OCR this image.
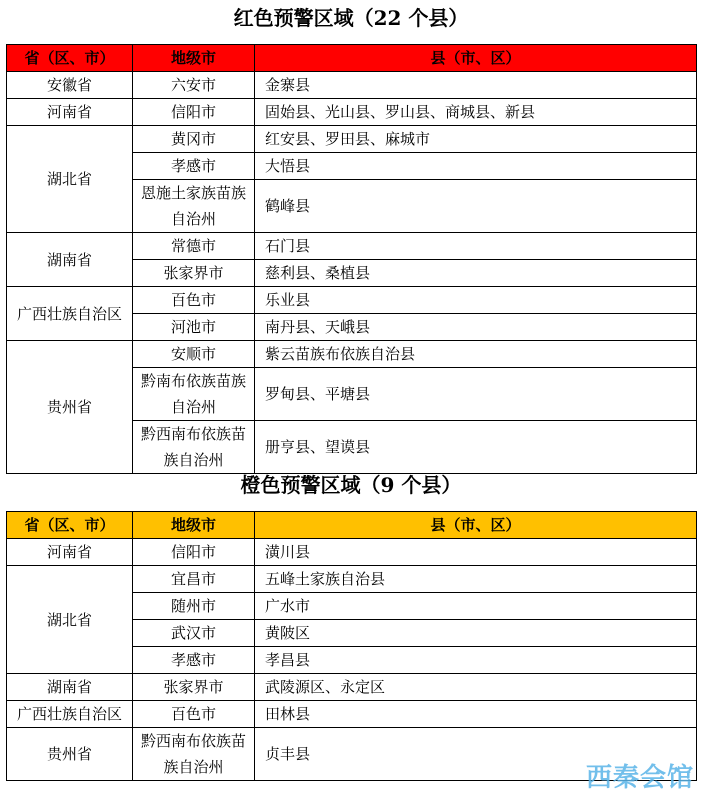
红色预警区域（22 个县）
省（区、市）	地级市	县（市、区）
安徽省	六安市	金寨县
河南省	信阳市	固始县、光山县、罗山县、商城县、新县
湖北省	黄冈市	红安县、罗田县、麻城市
	孝感市	大悟县
	恩施土家族苗族自治州	鹤峰县
湖南省	常德市	石门县
	张家界市	慈利县、桑植县
广西壮族自治区	百色市	乐业县
	河池市	南丹县、天峨县
贵州省	安顺市	紫云苗族布依族自治县
	黔南布依族苗族自治州	罗甸县、平塘县
	黔西南布依族苗族自治州	册亨县、望谟县
橙色预警区域（9 个县）
省（区、市）	地级市	县（市、区）
河南省	信阳市	潢川县
湖北省	宜昌市	五峰土家族自治县
	随州市	广水市
	武汉市	黄陂区
	孝感市	孝昌县
湖南省	张家界市	武陵源区、永定区
广西壮族自治区	百色市	田林县
贵州省	黔西南布依族苗族自治州	贞丰县
西秦会馆
